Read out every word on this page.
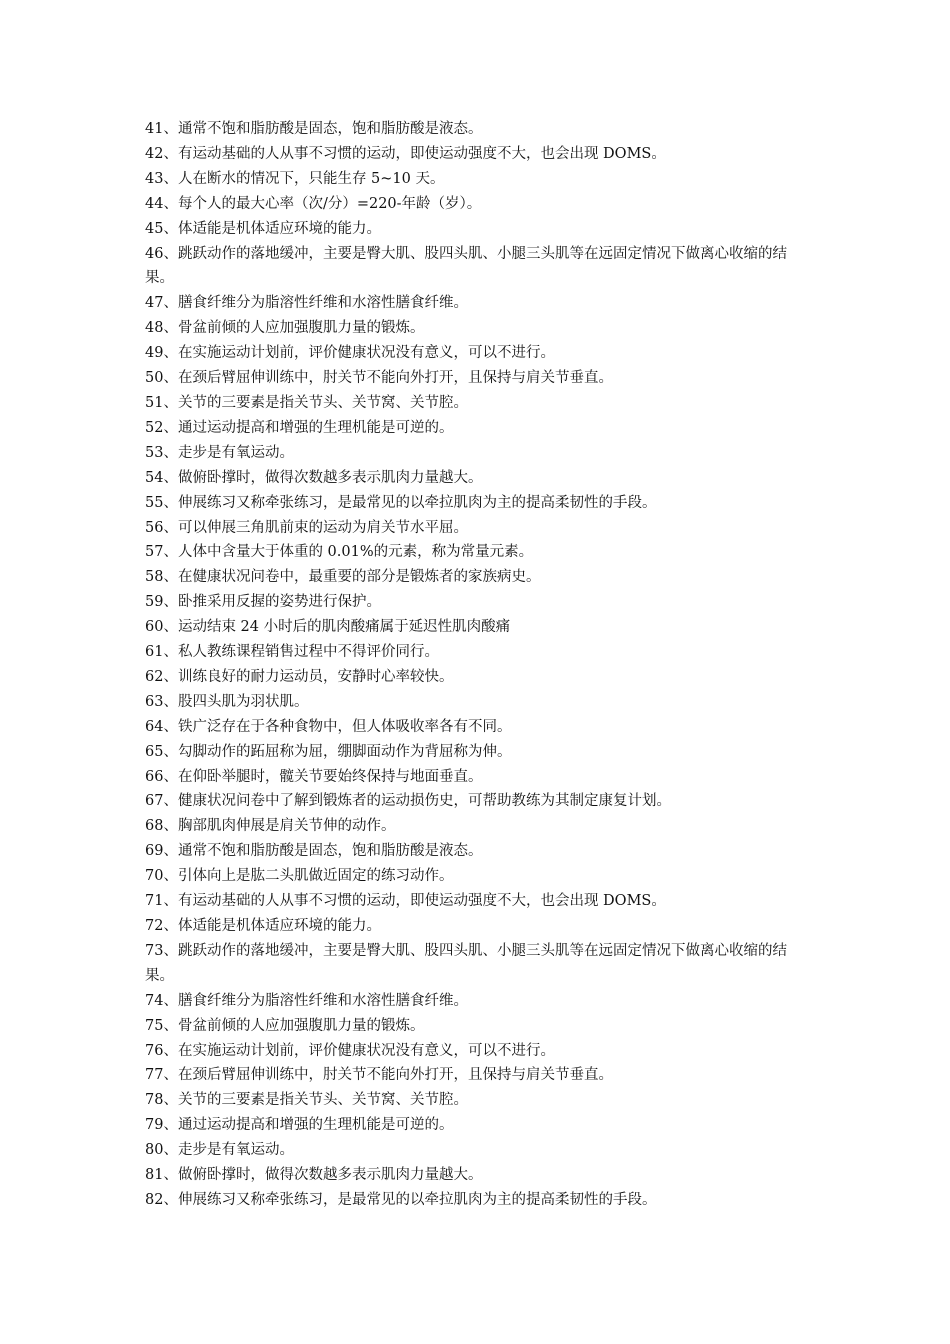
41、通常不饱和脂肪酸是固态，饱和脂肪酸是液态。

42、有运动基础的人从事不习惯的运动，即使运动强度不大，也会出现 DOMS。

43、人在断水的情况下，只能生存 5~10 天。

44、每个人的最大心率（次/分）=220-年龄（岁）。

45、体适能是机体适应环境的能力。

46、跳跃动作的落地缓冲，主要是臀大肌、股四头肌、小腿三头肌等在远固定情况下做离心收缩的结果。

47、膳食纤维分为脂溶性纤维和水溶性膳食纤维。

48、骨盆前倾的人应加强腹肌力量的锻炼。

49、在实施运动计划前，评价健康状况没有意义，可以不进行。

50、在颈后臂屈伸训练中，肘关节不能向外打开，且保持与肩关节垂直。

51、关节的三要素是指关节头、关节窝、关节腔。

52、通过运动提高和增强的生理机能是可逆的。

53、走步是有氧运动。

54、做俯卧撑时，做得次数越多表示肌肉力量越大。

55、伸展练习又称牵张练习，是最常见的以牵拉肌肉为主的提高柔韧性的手段。

56、可以伸展三角肌前束的运动为肩关节水平屈。

57、人体中含量大于体重的 0.01%的元素，称为常量元素。

58、在健康状况问卷中，最重要的部分是锻炼者的家族病史。

59、卧推采用反握的姿势进行保护。

60、运动结束 24 小时后的肌肉酸痛属于延迟性肌肉酸痛

61、私人教练课程销售过程中不得评价同行。

62、训练良好的耐力运动员，安静时心率较快。

63、股四头肌为羽状肌。

64、铁广泛存在于各种食物中，但人体吸收率各有不同。

65、勾脚动作的跖屈称为屈，绷脚面动作为背屈称为伸。

66、在仰卧举腿时，髋关节要始终保持与地面垂直。

67、健康状况问卷中了解到锻炼者的运动损伤史，可帮助教练为其制定康复计划。

68、胸部肌肉伸展是肩关节伸的动作。

69、通常不饱和脂肪酸是固态，饱和脂肪酸是液态。

70、引体向上是肱二头肌做近固定的练习动作。

71、有运动基础的人从事不习惯的运动，即使运动强度不大，也会出现 DOMS。

72、体适能是机体适应环境的能力。

73、跳跃动作的落地缓冲，主要是臀大肌、股四头肌、小腿三头肌等在远固定情况下做离心收缩的结果。

74、膳食纤维分为脂溶性纤维和水溶性膳食纤维。

75、骨盆前倾的人应加强腹肌力量的锻炼。

76、在实施运动计划前，评价健康状况没有意义，可以不进行。

77、在颈后臂屈伸训练中，肘关节不能向外打开，且保持与肩关节垂直。

78、关节的三要素是指关节头、关节窝、关节腔。

79、通过运动提高和增强的生理机能是可逆的。

80、走步是有氧运动。

81、做俯卧撑时，做得次数越多表示肌肉力量越大。

82、伸展练习又称牵张练习，是最常见的以牵拉肌肉为主的提高柔韧性的手段。
